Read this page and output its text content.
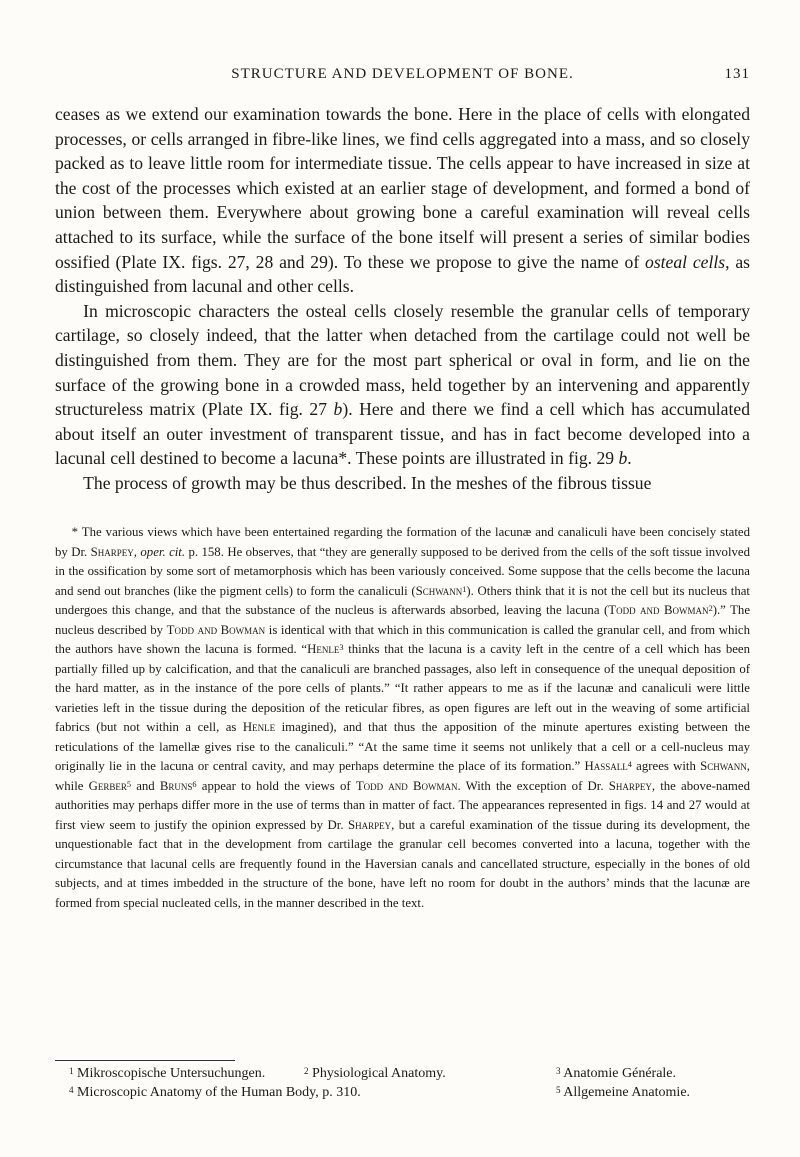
STRUCTURE AND DEVELOPMENT OF BONE.	131

ceases as we extend our examination towards the bone. Here in the place of cells with elongated processes, or cells arranged in fibre-like lines, we find cells aggregated into a mass, and so closely packed as to leave little room for intermediate tissue. The cells appear to have increased in size at the cost of the processes which existed at an earlier stage of development, and formed a bond of union between them. Everywhere about growing bone a careful examination will reveal cells attached to its surface, while the surface of the bone itself will present a series of similar bodies ossified (Plate IX. figs. 27, 28 and 29). To these we propose to give the name of osteal cells, as distinguished from lacunal and other cells.

In microscopic characters the osteal cells closely resemble the granular cells of temporary cartilage, so closely indeed, that the latter when detached from the cartilage could not well be distinguished from them. They are for the most part spherical or oval in form, and lie on the surface of the growing bone in a crowded mass, held together by an intervening and apparently structureless matrix (Plate IX. fig. 27 b). Here and there we find a cell which has accumulated about itself an outer investment of transparent tissue, and has in fact become developed into a lacunal cell destined to become a lacuna*. These points are illustrated in fig. 29 b.

The process of growth may be thus described. In the meshes of the fibrous tissue

* The various views which have been entertained regarding the formation of the lacunæ and canaliculi have been concisely stated by Dr. Sharpey, oper. cit. p. 158. He observes, that “they are generally supposed to be derived from the cells of the soft tissue involved in the ossification by some sort of metamorphosis which has been variously conceived. Some suppose that the cells become the lacuna and send out branches (like the pigment cells) to form the canaliculi (Schwann$^1$). Others think that it is not the cell but its nucleus that undergoes this change, and that the substance of the nucleus is afterwards absorbed, leaving the lacuna (Todd and Bowman$^2$).” The nucleus described by Todd and Bowman is identical with that which in this communication is called the granular cell, and from which the authors have shown the lacuna is formed. “Henle$^3$ thinks that the lacuna is a cavity left in the centre of a cell which has been partially filled up by calcification, and that the canaliculi are branched passages, also left in consequence of the unequal deposition of the hard matter, as in the instance of the pore cells of plants.” “It rather appears to me as if the lacunæ and canaliculi were little varieties left in the tissue during the deposition of the reticular fibres, as open figures are left out in the weaving of some artificial fabrics (but not within a cell, as Henle imagined), and that thus the apposition of the minute apertures existing between the reticulations of the lamellæ gives rise to the canaliculi.” “At the same time it seems not unlikely that a cell or a cell-nucleus may originally lie in the lacuna or central cavity, and may perhaps determine the place of its formation.” Hassall$^4$ agrees with Schwann, while Gerber$^5$ and Bruns$^6$ appear to hold the views of Todd and Bowman. With the exception of Dr. Sharpey, the above-named authorities may perhaps differ more in the use of terms than in matter of fact. The appearances represented in figs. 14 and 27 would at first view seem to justify the opinion expressed by Dr. Sharpey, but a careful examination of the tissue during its development, the unquestionable fact that in the development from cartilage the granular cell becomes converted into a lacuna, together with the circumstance that lacunal cells are frequently found in the Haversian canals and cancellated structure, especially in the bones of old subjects, and at times imbedded in the structure of the bone, have left no room for doubt in the authors’ minds that the lacunæ are formed from special nucleated cells, in the manner described in the text.

$^1$ Mikroscopische Untersuchungen.	$^2$ Physiological Anatomy.	$^3$ Anatomie Générale.
$^4$ Microscopic Anatomy of the Human Body, p. 310.	$^5$ Allgemeine Anatomie.
